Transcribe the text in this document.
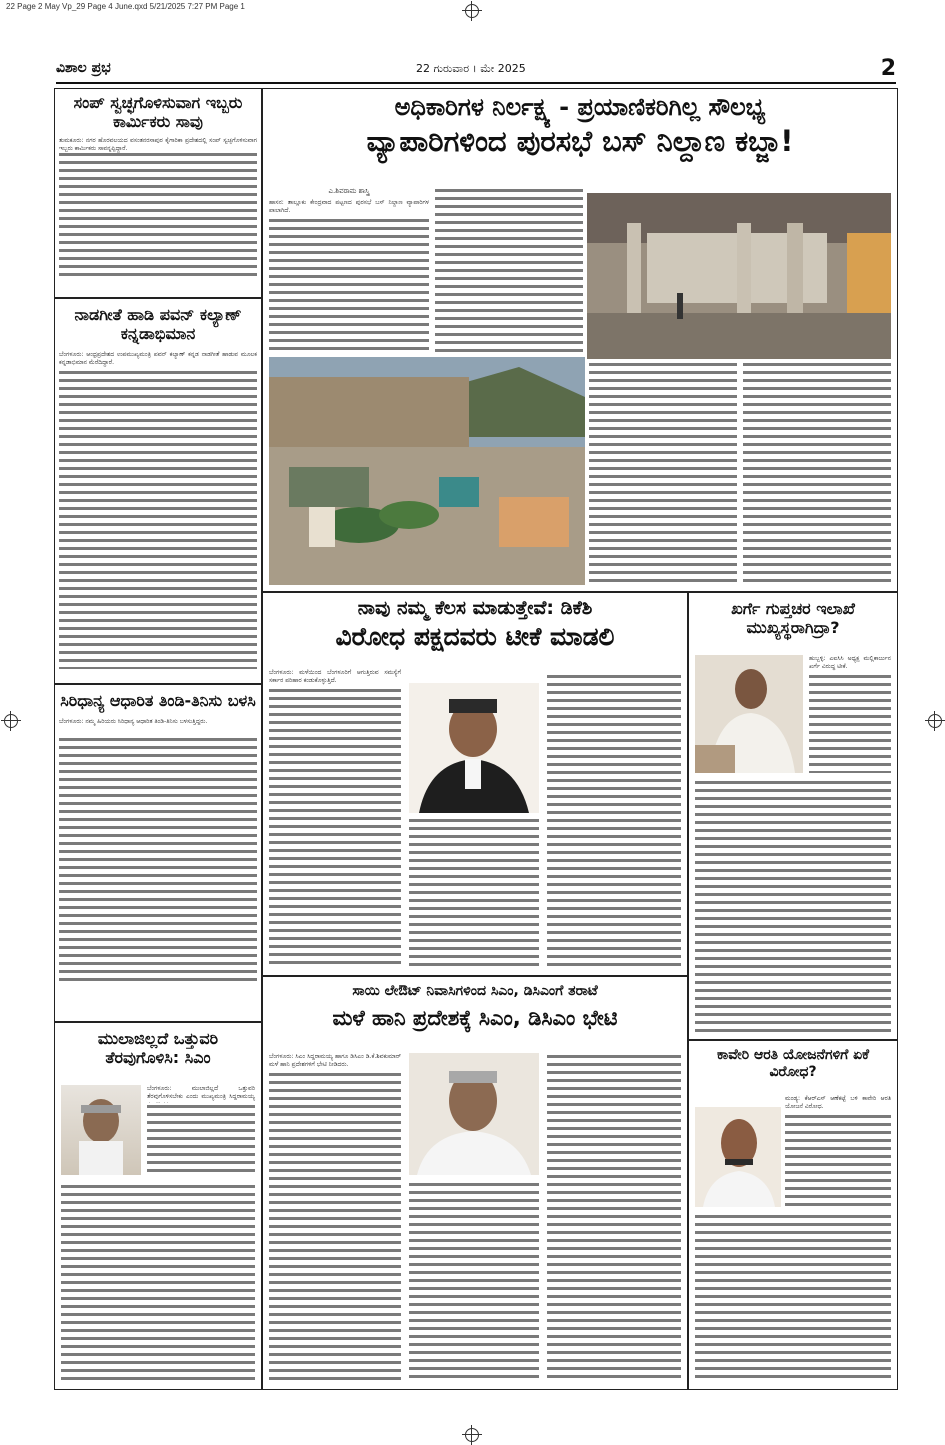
22 Page 2 May Vp_29 Page 4 June.qxd 5/21/2025 7:27 PM Page 1
ವಿಶಾಲ ಪ್ರಭ	22 ಗುರುವಾರ । ಮೇ 2025	2
ಸಂಪ್ ಸ್ವಚ್ಛಗೊಳಿಸುವಾಗ ಇಬ್ಬರು ಕಾರ್ಮಿಕರು ಸಾವು
ತುಮಕೂರು: ನಗರ ಹೊರವಲಯದ ವಸಂತನರಸಾಪುರ ಕೈಗಾರಿಕಾ ಪ್ರದೇಶದಲ್ಲಿ ಸಂಪ್ ಸ್ವಚ್ಛಗೊಳಿಸುವಾಗ ಇಬ್ಬರು ಕಾರ್ಮಿಕರು ಸಾವನ್ನಪ್ಪಿದ್ದಾರೆ.
ನಾಡಗೀತೆ ಹಾಡಿ ಪವನ್ ಕಲ್ಯಾಣ್ ಕನ್ನಡಾಭಿಮಾನ
ಬೆಂಗಳೂರು: ಆಂಧ್ರಪ್ರದೇಶದ ಉಪಮುಖ್ಯಮಂತ್ರಿ ಪವನ್ ಕಲ್ಯಾಣ್ ಕನ್ನಡ ನಾಡಗೀತೆ ಹಾಡುವ ಮೂಲಕ ಕನ್ನಡಾಭಿಮಾನ ಮೆರೆದಿದ್ದಾರೆ.
ಸಿರಿಧಾನ್ಯ ಆಧಾರಿತ ತಿಂಡಿ-ತಿನಿಸು ಬಳಸಿ
ಬೆಂಗಳೂರು: ನಮ್ಮ ಹಿರಿಯರು ಸಿರಿಧಾನ್ಯ ಆಧಾರಿತ ತಿಂಡಿ-ತಿನಿಸು ಬಳಸುತ್ತಿದ್ದರು.
ಮುಲಾಜಿಲ್ಲದೆ ಒತ್ತುವರಿ ತೆರವುಗೊಳಿಸಿ: ಸಿಎಂ
ಬೆಂಗಳೂರು: ಮುಲಾಜಿಲ್ಲದೆ ಒತ್ತುವರಿ ತೆರವುಗೊಳಿಸಬೇಕು ಎಂದು ಮುಖ್ಯಮಂತ್ರಿ ಸಿದ್ದರಾಮಯ್ಯ
ಅಧಿಕಾರಿಗಳ ನಿರ್ಲಕ್ಷ್ಯ - ಪ್ರಯಾಣಿಕರಿಗಿಲ್ಲ ಸೌಲಭ್ಯ
ವ್ಯಾಪಾರಿಗಳಿಂದ ಪುರಸಭೆ ಬಸ್ ನಿಲ್ದಾಣ ಕಬ್ಜಾ!
ಎ.ಶಿವರಾಮ ಶಾಸ್ತ್ರಿ
ಹಾಸನ: ತಾಲ್ಲೂಕು ಕೇಂದ್ರವಾದ ಪಟ್ಟಣದ ಪುರಸಭೆ ಬಸ್ ನಿಲ್ದಾಣ ವ್ಯಾಪಾರಿಗಳ ಪಾಲಾಗಿದೆ.
ನಾವು ನಮ್ಮ ಕೆಲಸ ಮಾಡುತ್ತೇವೆ: ಡಿಕೆಶಿ
ವಿರೋಧ ಪಕ್ಷದವರು ಟೀಕೆ ಮಾಡಲಿ
ಬೆಂಗಳೂರು: ಮಳೆಯಿಂದ ಬೆಂಗಳೂರಿಗೆ ಆಗುತ್ತಿರುವ ಸಮಸ್ಯೆಗೆ ಸರ್ಕಾರ ಪರಿಹಾರ ಕಂಡುಕೊಳ್ಳುತ್ತಿದೆ.
ಖರ್ಗೆ ಗುಪ್ತಚರ ಇಲಾಖೆ ಮುಖ್ಯಸ್ಥರಾಗಿದ್ರಾ?
ಹುಬ್ಬಳ್ಳಿ: ಎಐಸಿಸಿ ಅಧ್ಯಕ್ಷ ಮಲ್ಲಿಕಾರ್ಜುನ ಖರ್ಗೆ ವಿರುದ್ಧ ಟೀಕೆ.
ಸಾಯಿ ಲೇಔಟ್ ನಿವಾಸಿಗಳಿಂದ ಸಿಎಂ, ಡಿಸಿಎಂಗೆ ತರಾಟೆ
ಮಳೆ ಹಾನಿ ಪ್ರದೇಶಕ್ಕೆ ಸಿಎಂ, ಡಿಸಿಎಂ ಭೇಟಿ
ಬೆಂಗಳೂರು: ಸಿಎಂ ಸಿದ್ದರಾಮಯ್ಯ ಹಾಗೂ ಡಿಸಿಎಂ ಡಿ.ಕೆ.ಶಿವಕುಮಾರ್ ಮಳೆ ಹಾನಿ ಪ್ರದೇಶಗಳಿಗೆ ಭೇಟಿ ನೀಡಿದರು.
ಕಾವೇರಿ ಆರತಿ ಯೋಜನೆಗಳಿಗೆ ಏಕೆ ವಿರೋಧ?
ಮಂಡ್ಯ: ಕೆಆರ್‌ಎಸ್ ಆಣೆಕಟ್ಟೆ ಬಳಿ ಕಾವೇರಿ ಆರತಿ ಯೋಜನೆ ವಿರೋಧ.
